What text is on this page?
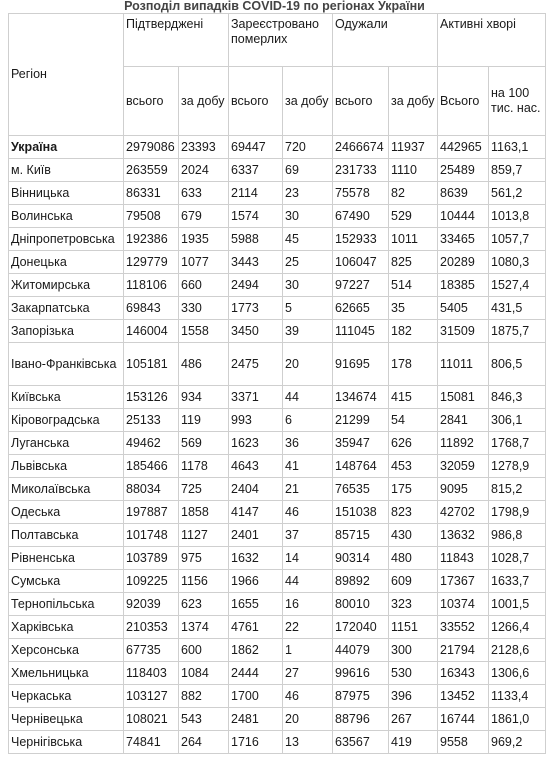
Розподіл випадків COVID-19 по регіонах України
Регіон	Підтверджені		Зареєстровано померлих		Одужали		Активні хворі	
	всього	за добу	всього	за добу	всього	за добу	Всього	на 100 тис. нас.
Україна	2979086	23393	69447	720	2466674	11937	442965	1163,1
м. Київ	263559	2024	6337	69	231733	1110	25489	859,7
Вінницька	86331	633	2114	23	75578	82	8639	561,2
Волинська	79508	679	1574	30	67490	529	10444	1013,8
Дніпропетровська	192386	1935	5988	45	152933	1011	33465	1057,7
Донецька	129779	1077	3443	25	106047	825	20289	1080,3
Житомирська	118106	660	2494	30	97227	514	18385	1527,4
Закарпатська	69843	330	1773	5	62665	35	5405	431,5
Запорізька	146004	1558	3450	39	111045	182	31509	1875,7
Івано-Франківська	105181	486	2475	20	91695	178	11011	806,5
Київська	153126	934	3371	44	134674	415	15081	846,3
Кіровоградська	25133	119	993	6	21299	54	2841	306,1
Луганська	49462	569	1623	36	35947	626	11892	1768,7
Львівська	185466	1178	4643	41	148764	453	32059	1278,9
Миколаївська	88034	725	2404	21	76535	175	9095	815,2
Одеська	197887	1858	4147	46	151038	823	42702	1798,9
Полтавська	101748	1127	2401	37	85715	430	13632	986,8
Рівненська	103789	975	1632	14	90314	480	11843	1028,7
Сумська	109225	1156	1966	44	89892	609	17367	1633,7
Тернопільська	92039	623	1655	16	80010	323	10374	1001,5
Харківська	210353	1374	4761	22	172040	1151	33552	1266,4
Херсонська	67735	600	1862	1	44079	300	21794	2128,6
Хмельницька	118403	1084	2444	27	99616	530	16343	1306,6
Черкаська	103127	882	1700	46	87975	396	13452	1133,4
Чернівецька	108021	543	2481	20	88796	267	16744	1861,0
Чернігівська	74841	264	1716	13	63567	419	9558	969,2
